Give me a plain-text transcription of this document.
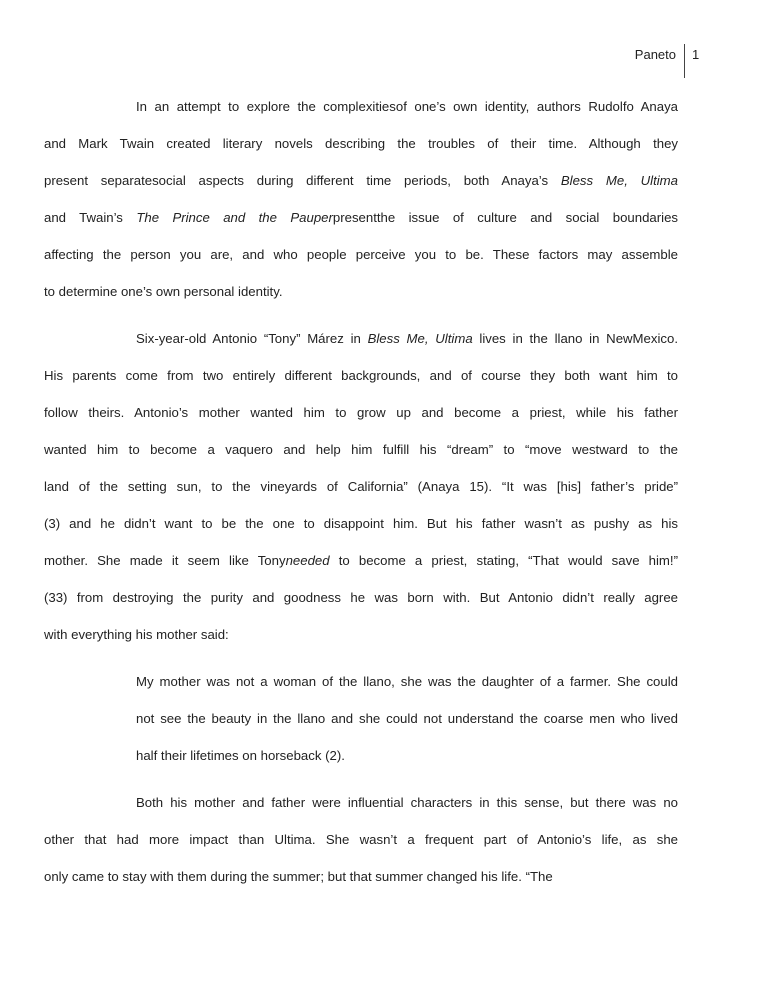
Paneto 1
In an attempt to explore the complexitiesof one’s own identity, authors Rudolfo Anaya
and Mark Twain created literary novels describing the troubles of their time. Although they
present separatesocial aspects during different time periods, both Anaya’s Bless Me, Ultima
and Twain’s The Prince and the Pauperpresentthe issue of culture and social boundaries
affecting the person you are, and who people perceive you to be. These factors may assemble
to determine one’s own personal identity.
Six-year-old Antonio “Tony” Márez in Bless Me, Ultima lives in the llano in NewMexico.
His parents come from two entirely different backgrounds, and of course they both want him to
follow theirs. Antonio’s mother wanted him to grow up and become a priest, while his father
wanted him to become a vaquero and help him fulfill his “dream” to “move westward to the
land of the setting sun, to the vineyards of California” (Anaya 15). “It was [his] father’s pride”
(3) and he didn’t want to be the one to disappoint him. But his father wasn’t as pushy as his
mother. She made it seem like Tonyneeded to become a priest, stating, “That would save him!”
(33) from destroying the purity and goodness he was born with. But Antonio didn’t really agree
with everything his mother said:
My mother was not a woman of the llano, she was the daughter of a farmer. She could
not see the beauty in the llano and she could not understand the coarse men who lived
half their lifetimes on horseback (2).
Both his mother and father were influential characters in this sense, but there was no
other that had more impact than Ultima. She wasn’t a frequent part of Antonio’s life, as she
only came to stay with them during the summer; but that summer changed his life. “The
